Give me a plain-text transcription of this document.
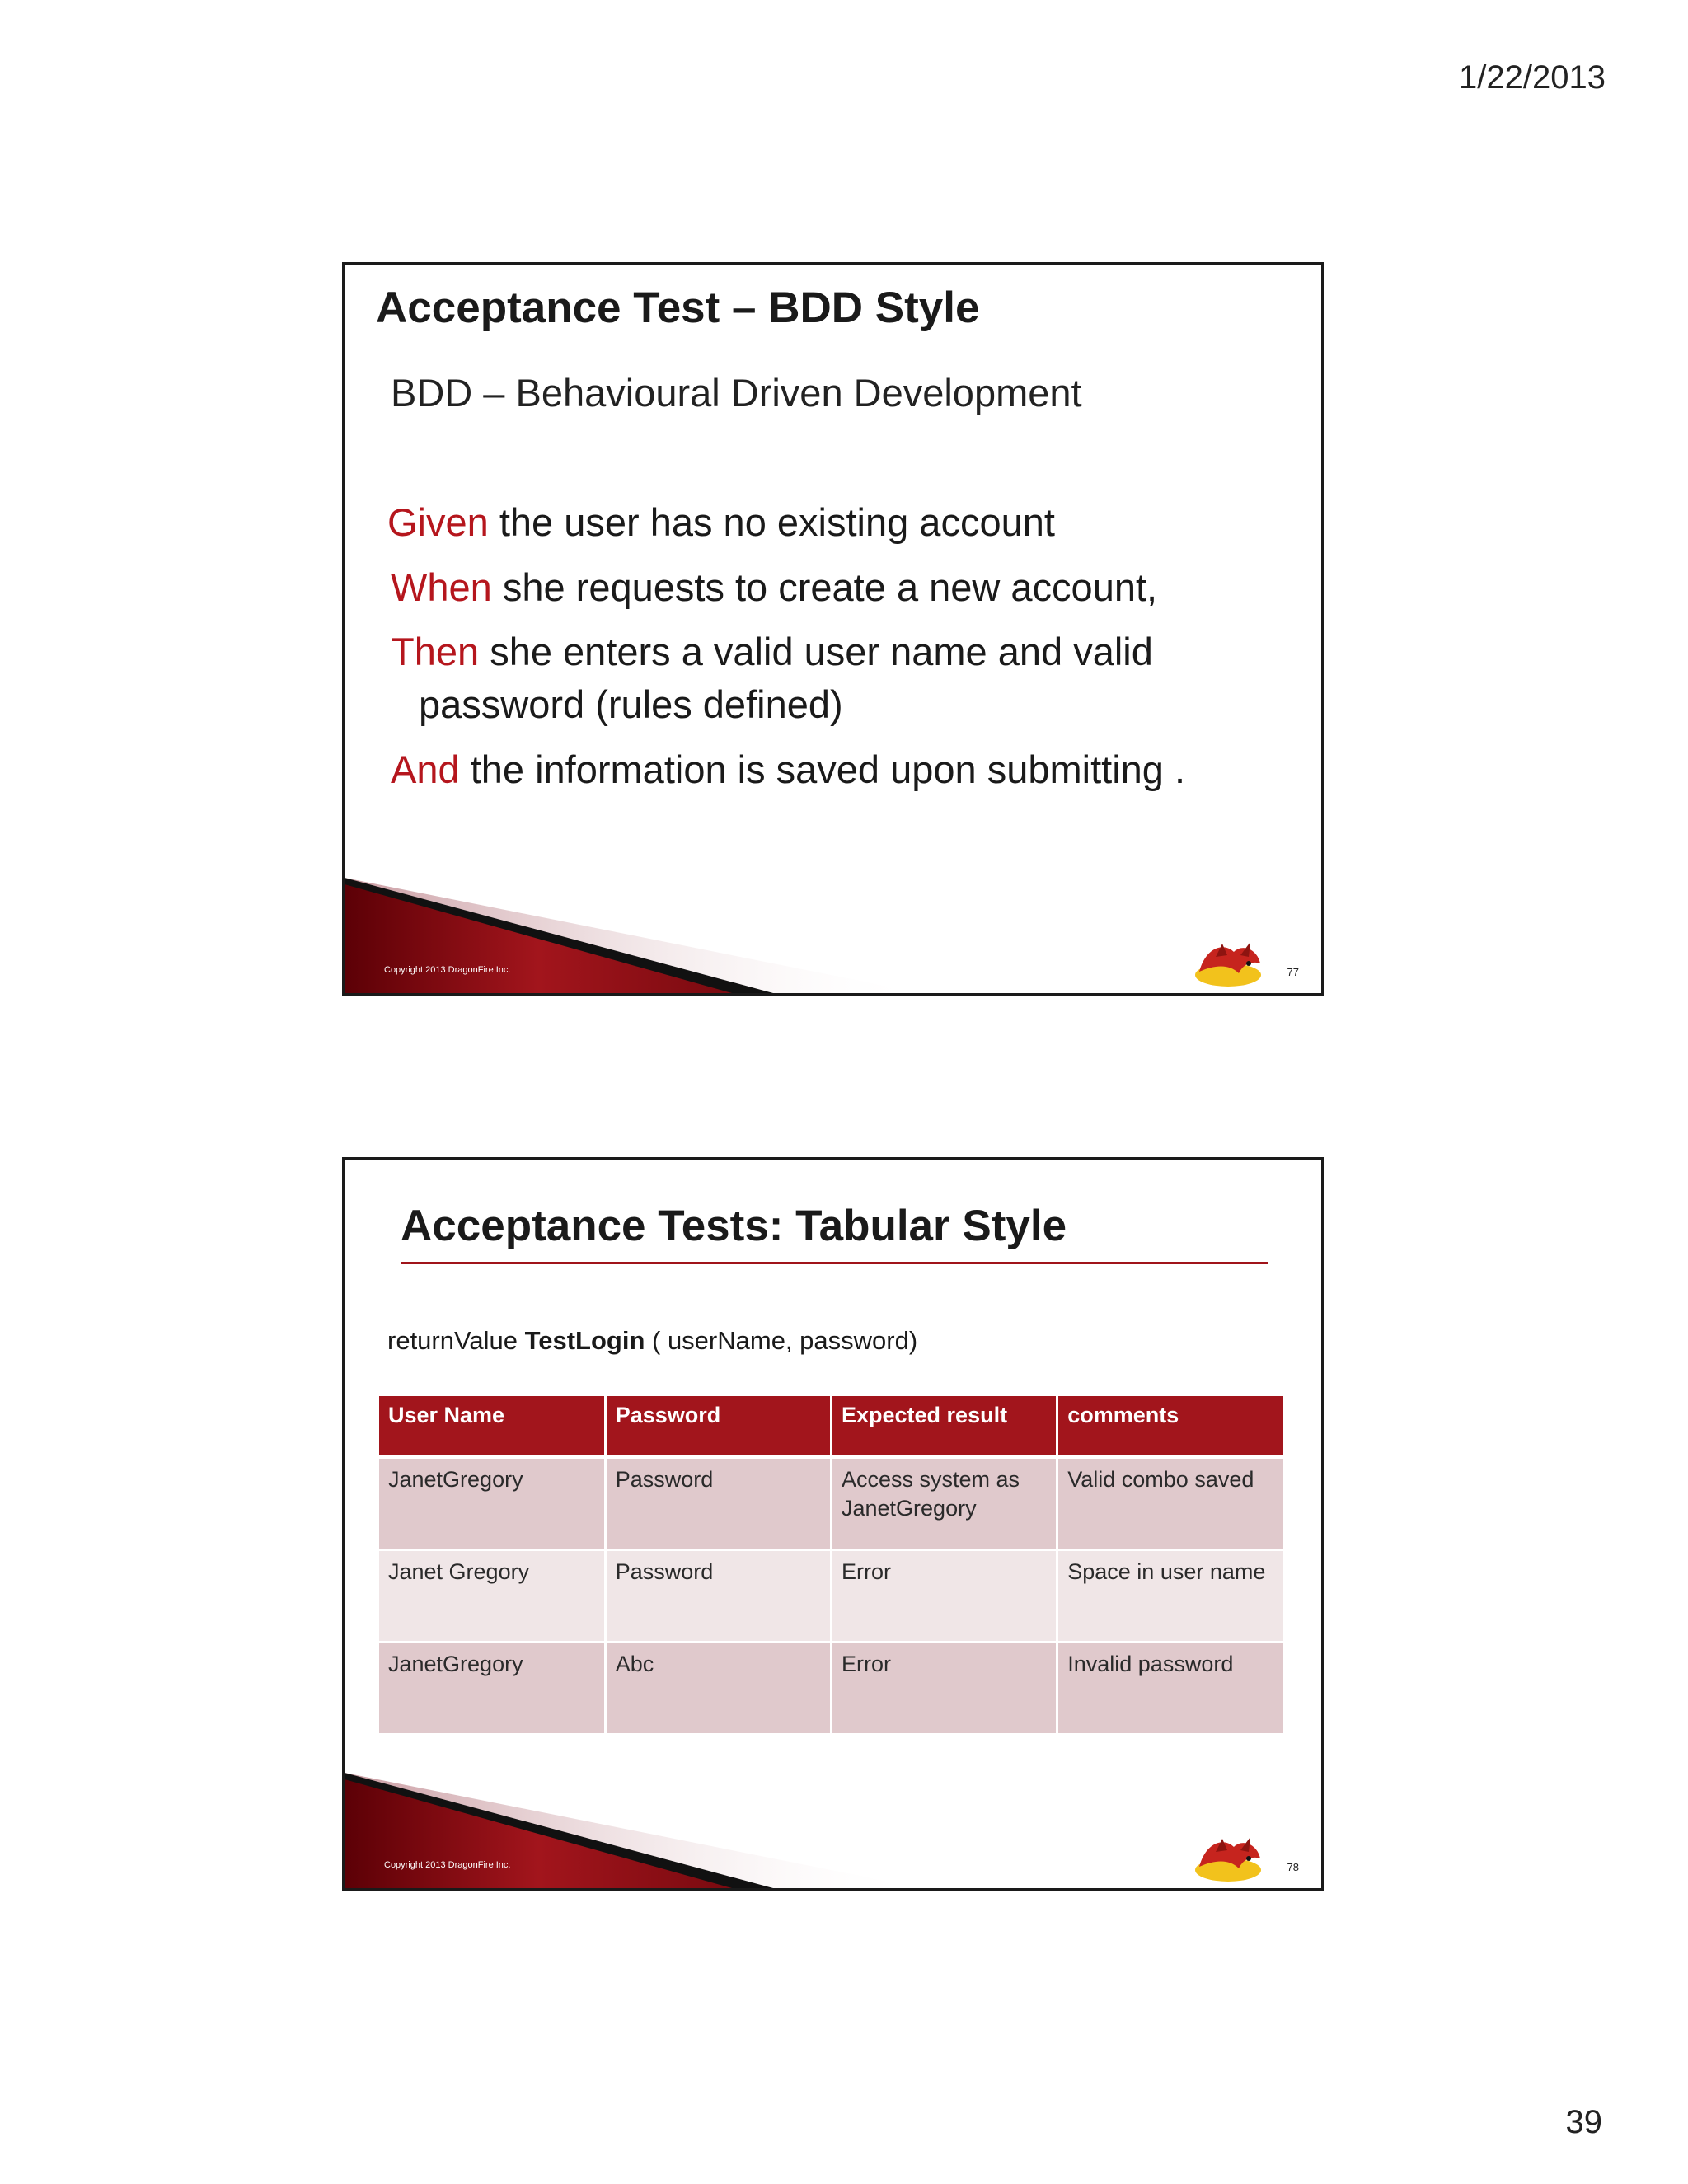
1/22/2013
Acceptance Test – BDD Style
BDD – Behavioural Driven Development
Given the user has no existing account
When she requests to create a new account,
Then she enters a valid user name and valid
password (rules defined)
And the information is saved upon submitting .
Copyright 2013 DragonFire Inc.	77
Acceptance Tests: Tabular Style
returnValue TestLogin ( userName, password)
User Name	Password	Expected result	comments
JanetGregory	Password	Access system as JanetGregory	Valid combo saved
Janet Gregory	Password	Error	Space in user name
JanetGregory	Abc	Error	Invalid password
Copyright 2013 DragonFire Inc.	78
39
